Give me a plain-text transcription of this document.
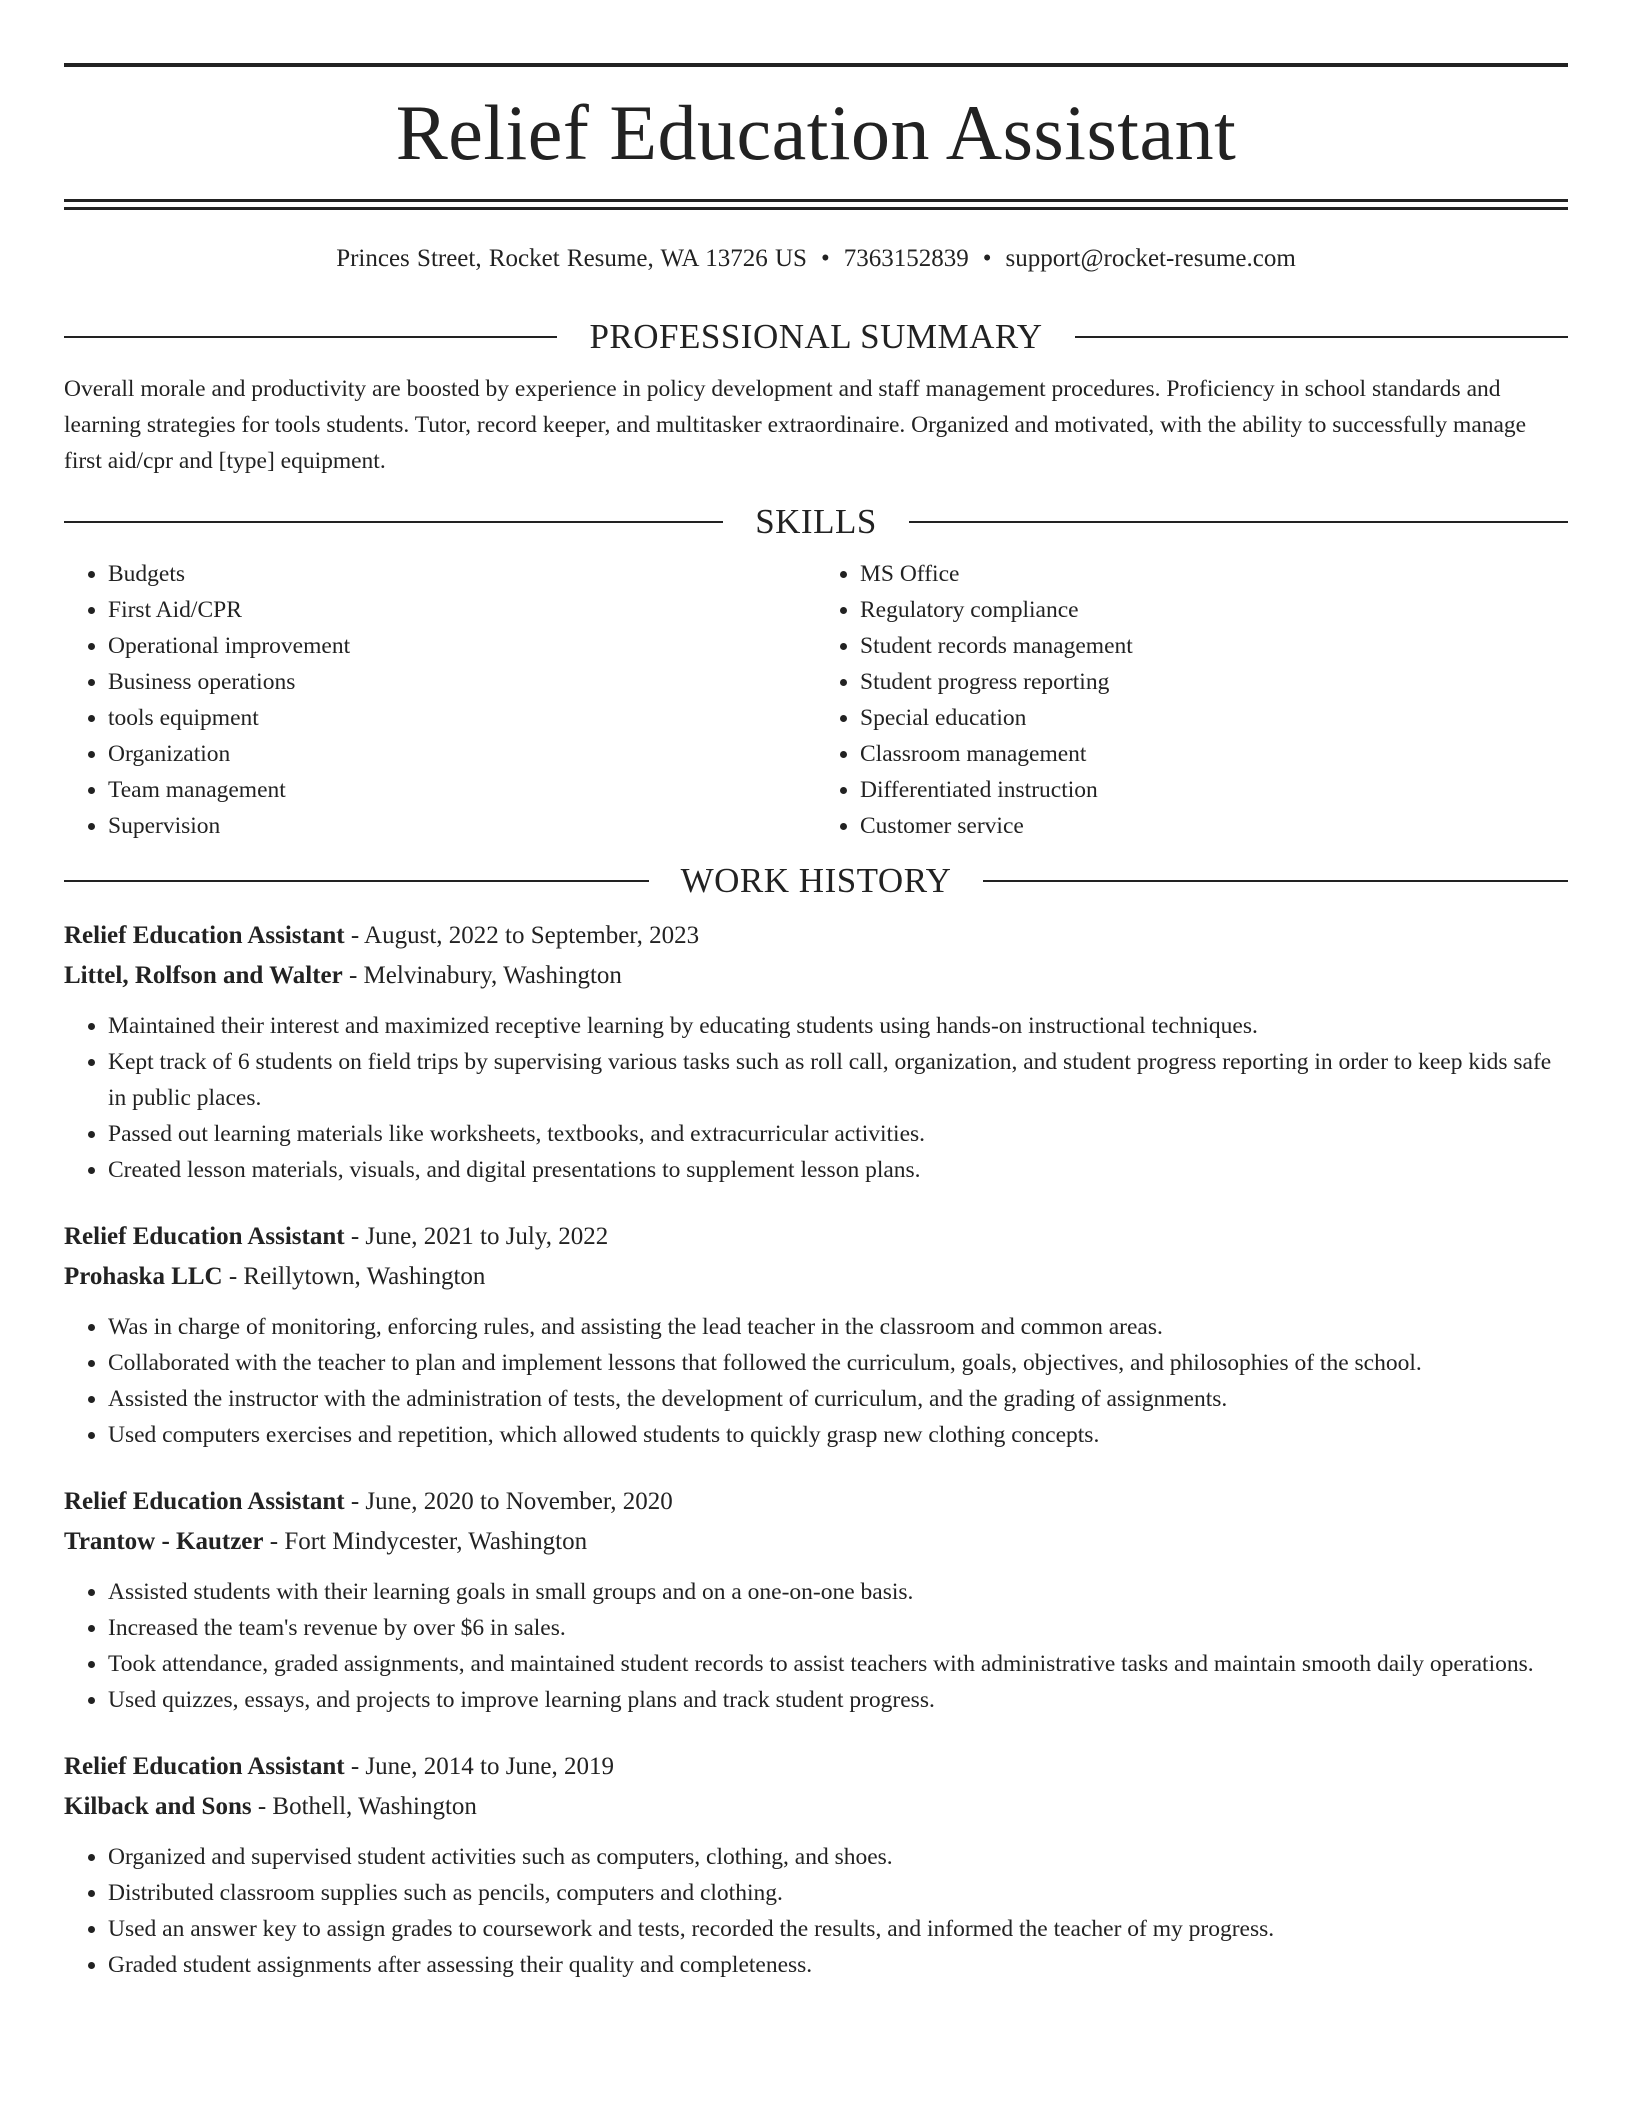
Relief Education Assistant
Princes Street, Rocket Resume, WA 13726 US • 7363152839 • support@rocket-resume.com
PROFESSIONAL SUMMARY
Overall morale and productivity are boosted by experience in policy development and staff management procedures. Proficiency in school standards and learning strategies for tools students. Tutor, record keeper, and multitasker extraordinaire. Organized and motivated, with the ability to successfully manage first aid/cpr and [type] equipment.
SKILLS
• Budgets
• First Aid/CPR
• Operational improvement
• Business operations
• tools equipment
• Organization
• Team management
• Supervision
• MS Office
• Regulatory compliance
• Student records management
• Student progress reporting
• Special education
• Classroom management
• Differentiated instruction
• Customer service
WORK HISTORY
Relief Education Assistant - August, 2022 to September, 2023
Littel, Rolfson and Walter - Melvinabury, Washington
• Maintained their interest and maximized receptive learning by educating students using hands-on instructional techniques.
• Kept track of 6 students on field trips by supervising various tasks such as roll call, organization, and student progress reporting in order to keep kids safe in public places.
• Passed out learning materials like worksheets, textbooks, and extracurricular activities.
• Created lesson materials, visuals, and digital presentations to supplement lesson plans.
Relief Education Assistant - June, 2021 to July, 2022
Prohaska LLC - Reillytown, Washington
• Was in charge of monitoring, enforcing rules, and assisting the lead teacher in the classroom and common areas.
• Collaborated with the teacher to plan and implement lessons that followed the curriculum, goals, objectives, and philosophies of the school.
• Assisted the instructor with the administration of tests, the development of curriculum, and the grading of assignments.
• Used computers exercises and repetition, which allowed students to quickly grasp new clothing concepts.
Relief Education Assistant - June, 2020 to November, 2020
Trantow - Kautzer - Fort Mindycester, Washington
• Assisted students with their learning goals in small groups and on a one-on-one basis.
• Increased the team's revenue by over $6 in sales.
• Took attendance, graded assignments, and maintained student records to assist teachers with administrative tasks and maintain smooth daily operations.
• Used quizzes, essays, and projects to improve learning plans and track student progress.
Relief Education Assistant - June, 2014 to June, 2019
Kilback and Sons - Bothell, Washington
• Organized and supervised student activities such as computers, clothing, and shoes.
• Distributed classroom supplies such as pencils, computers and clothing.
• Used an answer key to assign grades to coursework and tests, recorded the results, and informed the teacher of my progress.
• Graded student assignments after assessing their quality and completeness.
